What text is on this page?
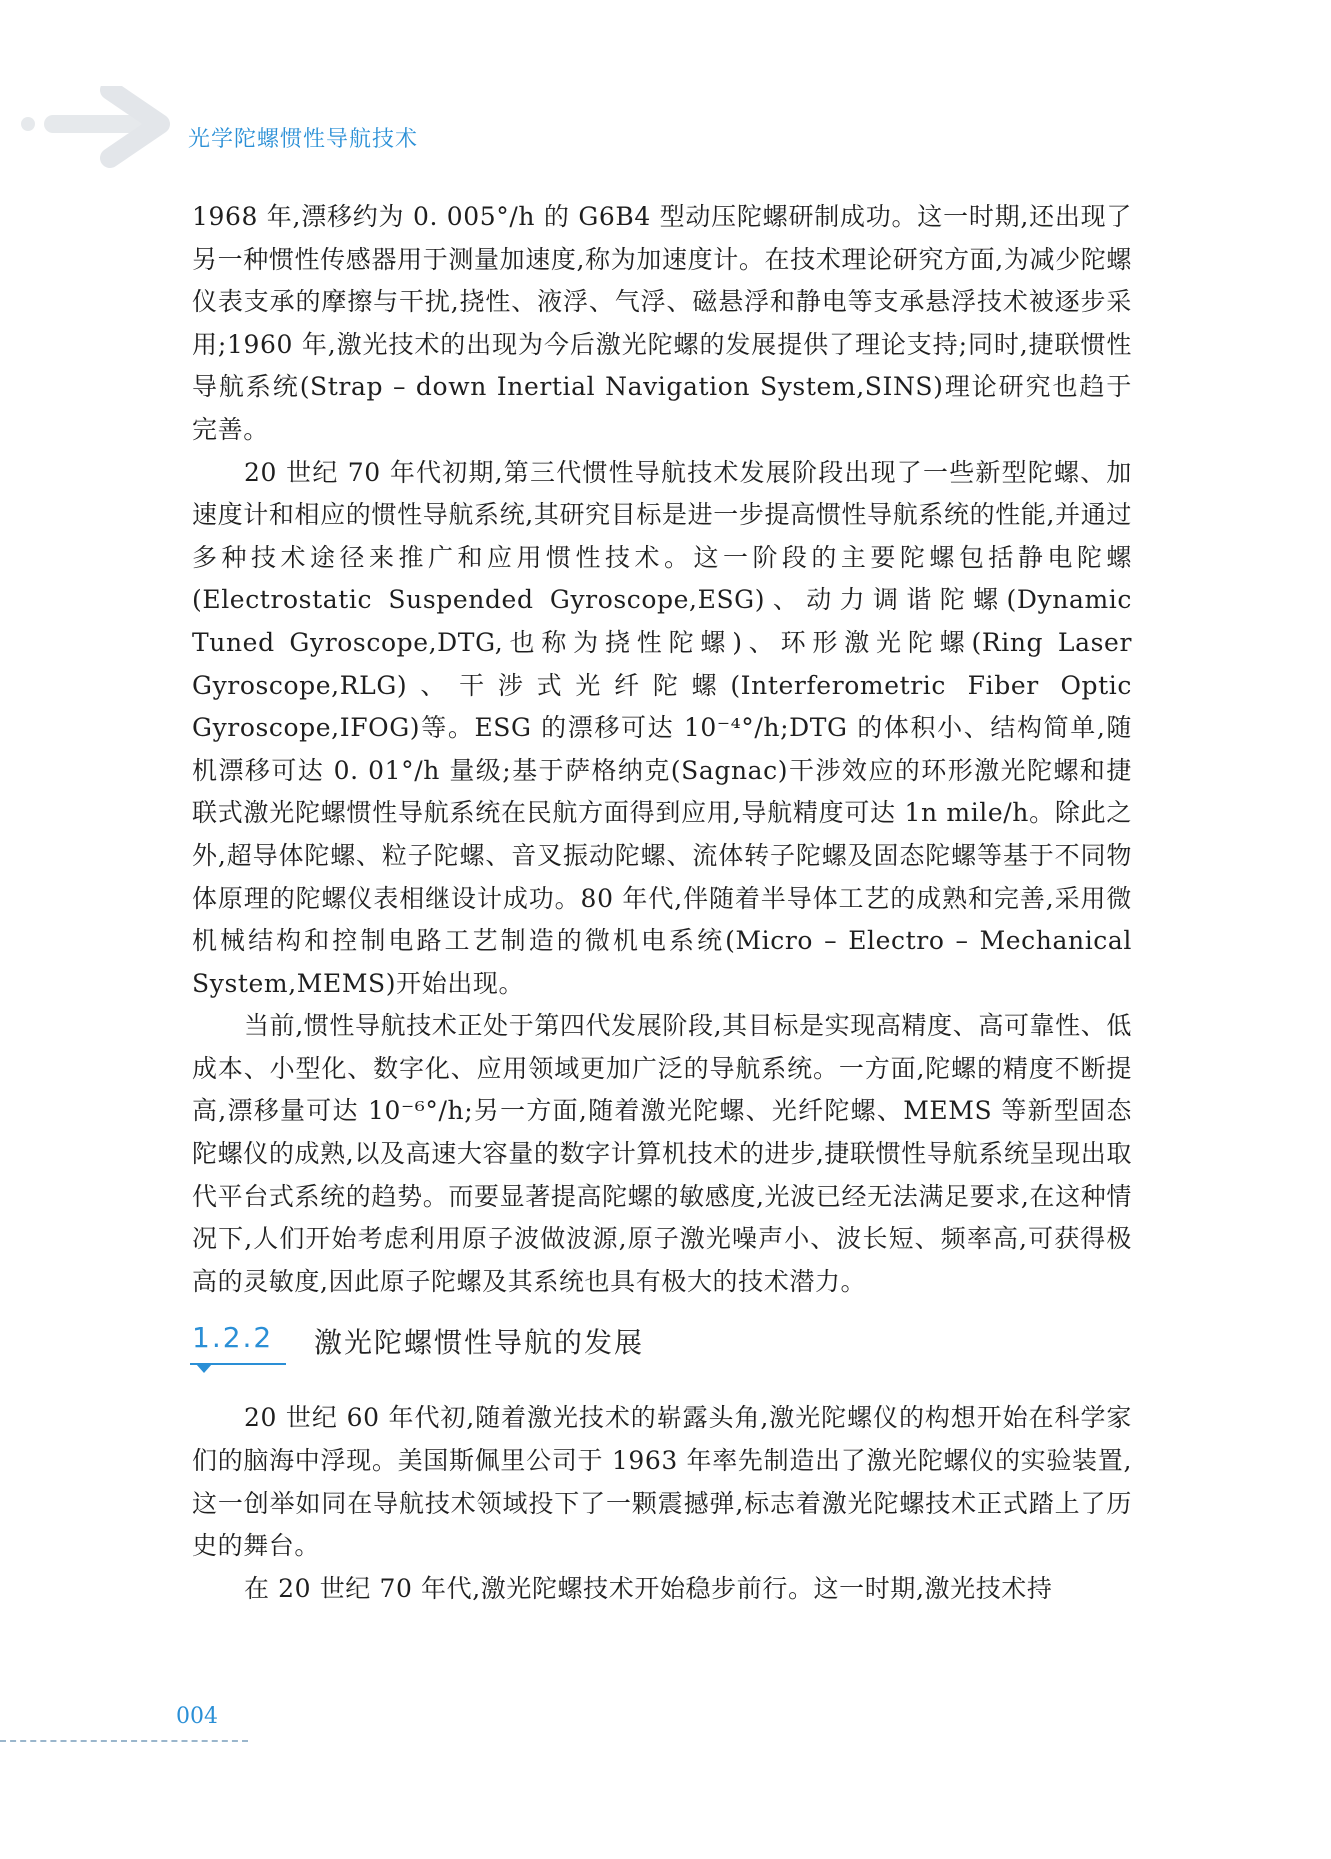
光学陀螺惯性导航技术

1968 年,漂移约为 0. 005°/h 的 G6B4 型动压陀螺研制成功。这一时期,还出现了另一种惯性传感器用于测量加速度,称为加速度计。在技术理论研究方面,为减少陀螺仪表支承的摩擦与干扰,挠性、液浮、气浮、磁悬浮和静电等支承悬浮技术被逐步采用;1960 年,激光技术的出现为今后激光陀螺的发展提供了理论支持;同时,捷联惯性导航系统(Strap – down Inertial Navigation System,SINS)理论研究也趋于完善。

20 世纪 70 年代初期,第三代惯性导航技术发展阶段出现了一些新型陀螺、加速度计和相应的惯性导航系统,其研究目标是进一步提高惯性导航系统的性能,并通过多种技术途径来推广和应用惯性技术。这一阶段的主要陀螺包括静电陀螺(Electrostatic Suspended Gyroscope,ESG)、动力调谐陀螺(Dynamic Tuned Gyroscope,DTG,也称为挠性陀螺)、环形激光陀螺(Ring Laser Gyroscope,RLG)、干涉式光纤陀螺(Interferometric Fiber Optic Gyroscope,IFOG)等。ESG 的漂移可达 10⁻⁴°/h;DTG 的体积小、结构简单,随机漂移可达 0. 01°/h 量级;基于萨格纳克(Sagnac)干涉效应的环形激光陀螺和捷联式激光陀螺惯性导航系统在民航方面得到应用,导航精度可达 1n mile/h。除此之外,超导体陀螺、粒子陀螺、音叉振动陀螺、流体转子陀螺及固态陀螺等基于不同物体原理的陀螺仪表相继设计成功。80 年代,伴随着半导体工艺的成熟和完善,采用微机械结构和控制电路工艺制造的微机电系统(Micro – Electro – Mechanical System,MEMS)开始出现。

当前,惯性导航技术正处于第四代发展阶段,其目标是实现高精度、高可靠性、低成本、小型化、数字化、应用领域更加广泛的导航系统。一方面,陀螺的精度不断提高,漂移量可达 10⁻⁶°/h;另一方面,随着激光陀螺、光纤陀螺、MEMS 等新型固态陀螺仪的成熟,以及高速大容量的数字计算机技术的进步,捷联惯性导航系统呈现出取代平台式系统的趋势。而要显著提高陀螺的敏感度,光波已经无法满足要求,在这种情况下,人们开始考虑利用原子波做波源,原子激光噪声小、波长短、频率高,可获得极高的灵敏度,因此原子陀螺及其系统也具有极大的技术潜力。

1.2.2 激光陀螺惯性导航的发展

20 世纪 60 年代初,随着激光技术的崭露头角,激光陀螺仪的构想开始在科学家们的脑海中浮现。美国斯佩里公司于 1963 年率先制造出了激光陀螺仪的实验装置,这一创举如同在导航技术领域投下了一颗震撼弹,标志着激光陀螺技术正式踏上了历史的舞台。

在 20 世纪 70 年代,激光陀螺技术开始稳步前行。这一时期,激光技术持

004
